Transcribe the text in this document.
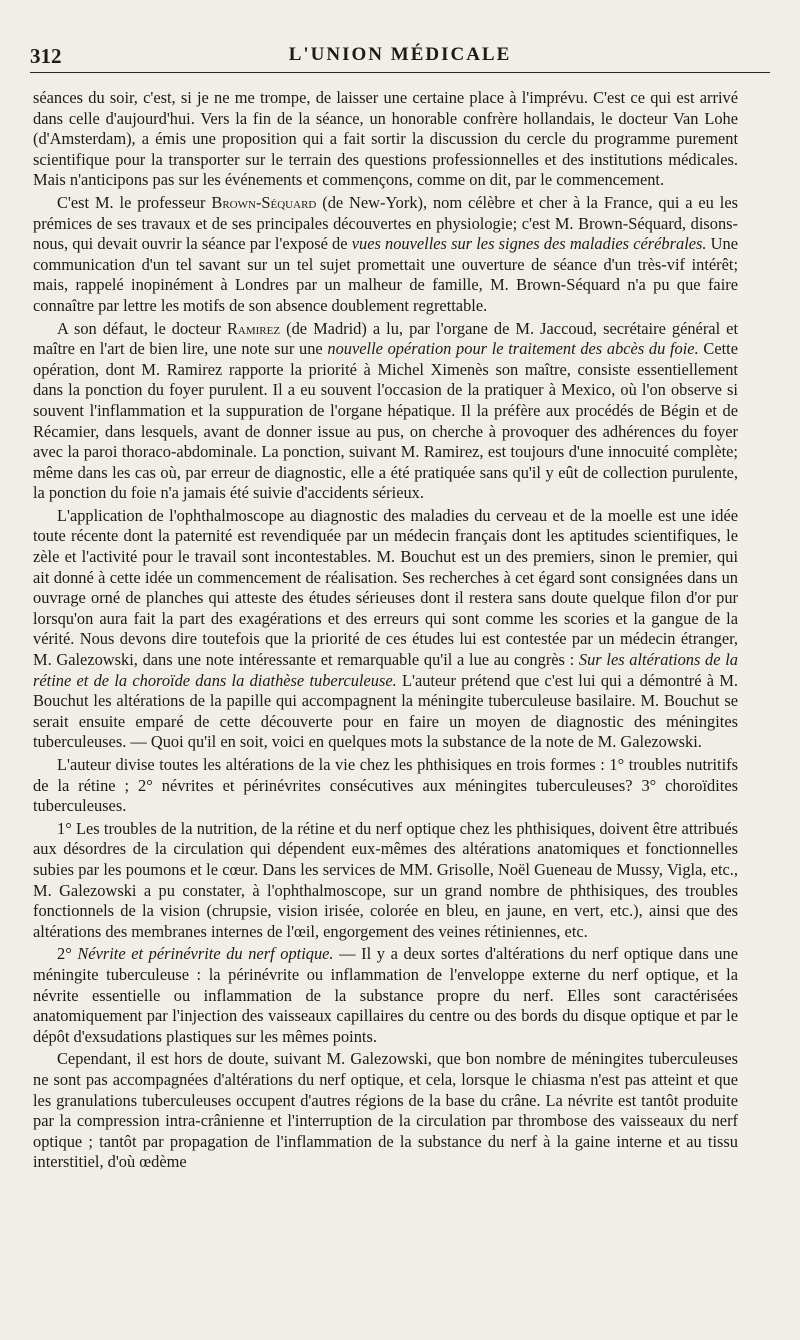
312	L'UNION MÉDICALE

séances du soir, c'est, si je ne me trompe, de laisser une certaine place à l'imprévu. C'est ce qui est arrivé dans celle d'aujourd'hui. Vers la fin de la séance, un honorable confrère hollandais, le docteur Van Lohe (d'Amsterdam), a émis une proposition qui a fait sortir la discussion du cercle du programme purement scientifique pour la transporter sur le terrain des questions professionnelles et des institutions médicales. Mais n'anticipons pas sur les événements et commençons, comme on dit, par le commencement.

C'est M. le professeur Brown-Séquard (de New-York), nom célèbre et cher à la France, qui a eu les prémices de ses travaux et de ses principales découvertes en physiologie; c'est M. Brown-Séquard, disons-nous, qui devait ouvrir la séance par l'exposé de vues nouvelles sur les signes des maladies cérébrales. Une communication d'un tel savant sur un tel sujet promettait une ouverture de séance d'un très-vif intérêt; mais, rappelé inopinément à Londres par un malheur de famille, M. Brown-Séquard n'a pu que faire connaître par lettre les motifs de son absence doublement regrettable.

A son défaut, le docteur Ramirez (de Madrid) a lu, par l'organe de M. Jaccoud, secrétaire général et maître en l'art de bien lire, une note sur une nouvelle opération pour le traitement des abcès du foie. Cette opération, dont M. Ramirez rapporte la priorité à Michel Ximenès son maître, consiste essentiellement dans la ponction du foyer purulent. Il a eu souvent l'occasion de la pratiquer à Mexico, où l'on observe si souvent l'inflammation et la suppuration de l'organe hépatique. Il la préfère aux procédés de Bégin et de Récamier, dans lesquels, avant de donner issue au pus, on cherche à provoquer des adhérences du foyer avec la paroi thoraco-abdominale. La ponction, suivant M. Ramirez, est toujours d'une innocuité complète; même dans les cas où, par erreur de diagnostic, elle a été pratiquée sans qu'il y eût de collection purulente, la ponction du foie n'a jamais été suivie d'accidents sérieux.

L'application de l'ophthalmoscope au diagnostic des maladies du cerveau et de la moelle est une idée toute récente dont la paternité est revendiquée par un médecin français dont les aptitudes scientifiques, le zèle et l'activité pour le travail sont incontestables. M. Bouchut est un des premiers, sinon le premier, qui ait donné à cette idée un commencement de réalisation. Ses recherches à cet égard sont consignées dans un ouvrage orné de planches qui atteste des études sérieuses dont il restera sans doute quelque filon d'or pur lorsqu'on aura fait la part des exagérations et des erreurs qui sont comme les scories et la gangue de la vérité. Nous devons dire toutefois que la priorité de ces études lui est contestée par un médecin étranger, M. Galezowski, dans une note intéressante et remarquable qu'il a lue au congrès : Sur les altérations de la rétine et de la choroïde dans la diathèse tuberculeuse. L'auteur prétend que c'est lui qui a démontré à M. Bouchut les altérations de la papille qui accompagnent la méningite tuberculeuse basilaire. M. Bouchut se serait ensuite emparé de cette découverte pour en faire un moyen de diagnostic des méningites tuberculeuses. — Quoi qu'il en soit, voici en quelques mots la substance de la note de M. Galezowski.

L'auteur divise toutes les altérations de la vie chez les phthisiques en trois formes : 1° troubles nutritifs de la rétine ; 2° névrites et périnévrites consécutives aux méningites tuberculeuses? 3° choroïdites tuberculeuses.

1° Les troubles de la nutrition, de la rétine et du nerf optique chez les phthisiques, doivent être attribués aux désordres de la circulation qui dépendent eux-mêmes des altérations anatomiques et fonctionnelles subies par les poumons et le cœur. Dans les services de MM. Grisolle, Noël Gueneau de Mussy, Vigla, etc., M. Galezowski a pu constater, à l'ophthalmoscope, sur un grand nombre de phthisiques, des troubles fonctionnels de la vision (chrupsie, vision irisée, colorée en bleu, en jaune, en vert, etc.), ainsi que des altérations des membranes internes de l'œil, engorgement des veines rétiniennes, etc.

2° Névrite et périnévrite du nerf optique. — Il y a deux sortes d'altérations du nerf optique dans une méningite tuberculeuse : la périnévrite ou inflammation de l'enveloppe externe du nerf optique, et la névrite essentielle ou inflammation de la substance propre du nerf. Elles sont caractérisées anatomiquement par l'injection des vaisseaux capillaires du centre ou des bords du disque optique et par le dépôt d'exsudations plastiques sur les mêmes points.

Cependant, il est hors de doute, suivant M. Galezowski, que bon nombre de méningites tuberculeuses ne sont pas accompagnées d'altérations du nerf optique, et cela, lorsque le chiasma n'est pas atteint et que les granulations tuberculeuses occupent d'autres régions de la base du crâne. La névrite est tantôt produite par la compression intra-crânienne et l'interruption de la circulation par thrombose des vaisseaux du nerf optique ; tantôt par propagation de l'inflammation de la substance du nerf à la gaine interne et au tissu interstitiel, d'où œdème
